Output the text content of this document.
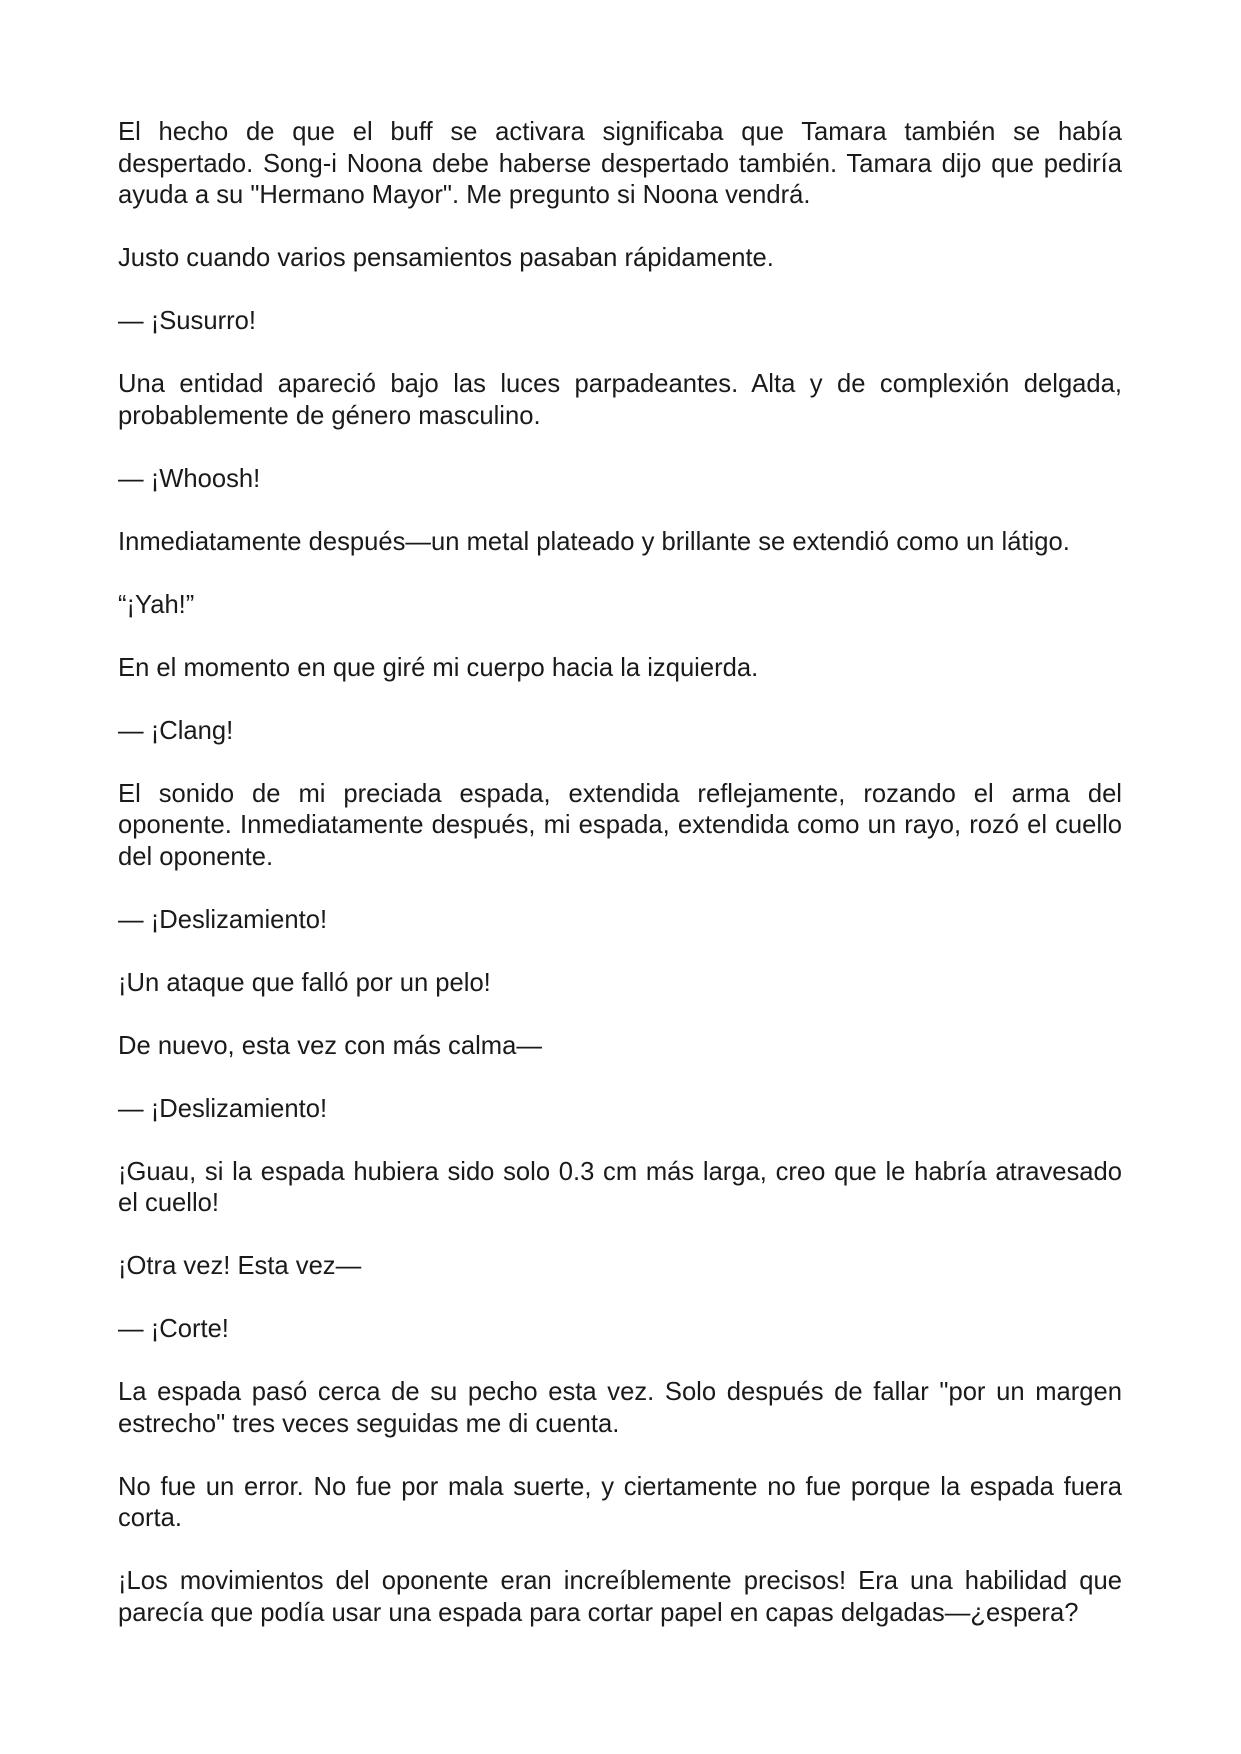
El hecho de que el buff se activara significaba que Tamara también se había despertado. Song-i Noona debe haberse despertado también. Tamara dijo que pediría ayuda a su "Hermano Mayor". Me pregunto si Noona vendrá.

Justo cuando varios pensamientos pasaban rápidamente.

— ¡Susurro!

Una entidad apareció bajo las luces parpadeantes. Alta y de complexión delgada, probablemente de género masculino.

— ¡Whoosh!

Inmediatamente después—un metal plateado y brillante se extendió como un látigo.

“¡Yah!”

En el momento en que giré mi cuerpo hacia la izquierda.

— ¡Clang!

El sonido de mi preciada espada, extendida reflejamente, rozando el arma del oponente. Inmediatamente después, mi espada, extendida como un rayo, rozó el cuello del oponente.

— ¡Deslizamiento!

¡Un ataque que falló por un pelo!

De nuevo, esta vez con más calma—

— ¡Deslizamiento!

¡Guau, si la espada hubiera sido solo 0.3 cm más larga, creo que le habría atravesado el cuello!

¡Otra vez! Esta vez—

— ¡Corte!

La espada pasó cerca de su pecho esta vez. Solo después de fallar "por un margen estrecho" tres veces seguidas me di cuenta.

No fue un error. No fue por mala suerte, y ciertamente no fue porque la espada fuera corta.

¡Los movimientos del oponente eran increíblemente precisos! Era una habilidad que parecía que podía usar una espada para cortar papel en capas delgadas—¿espera?
